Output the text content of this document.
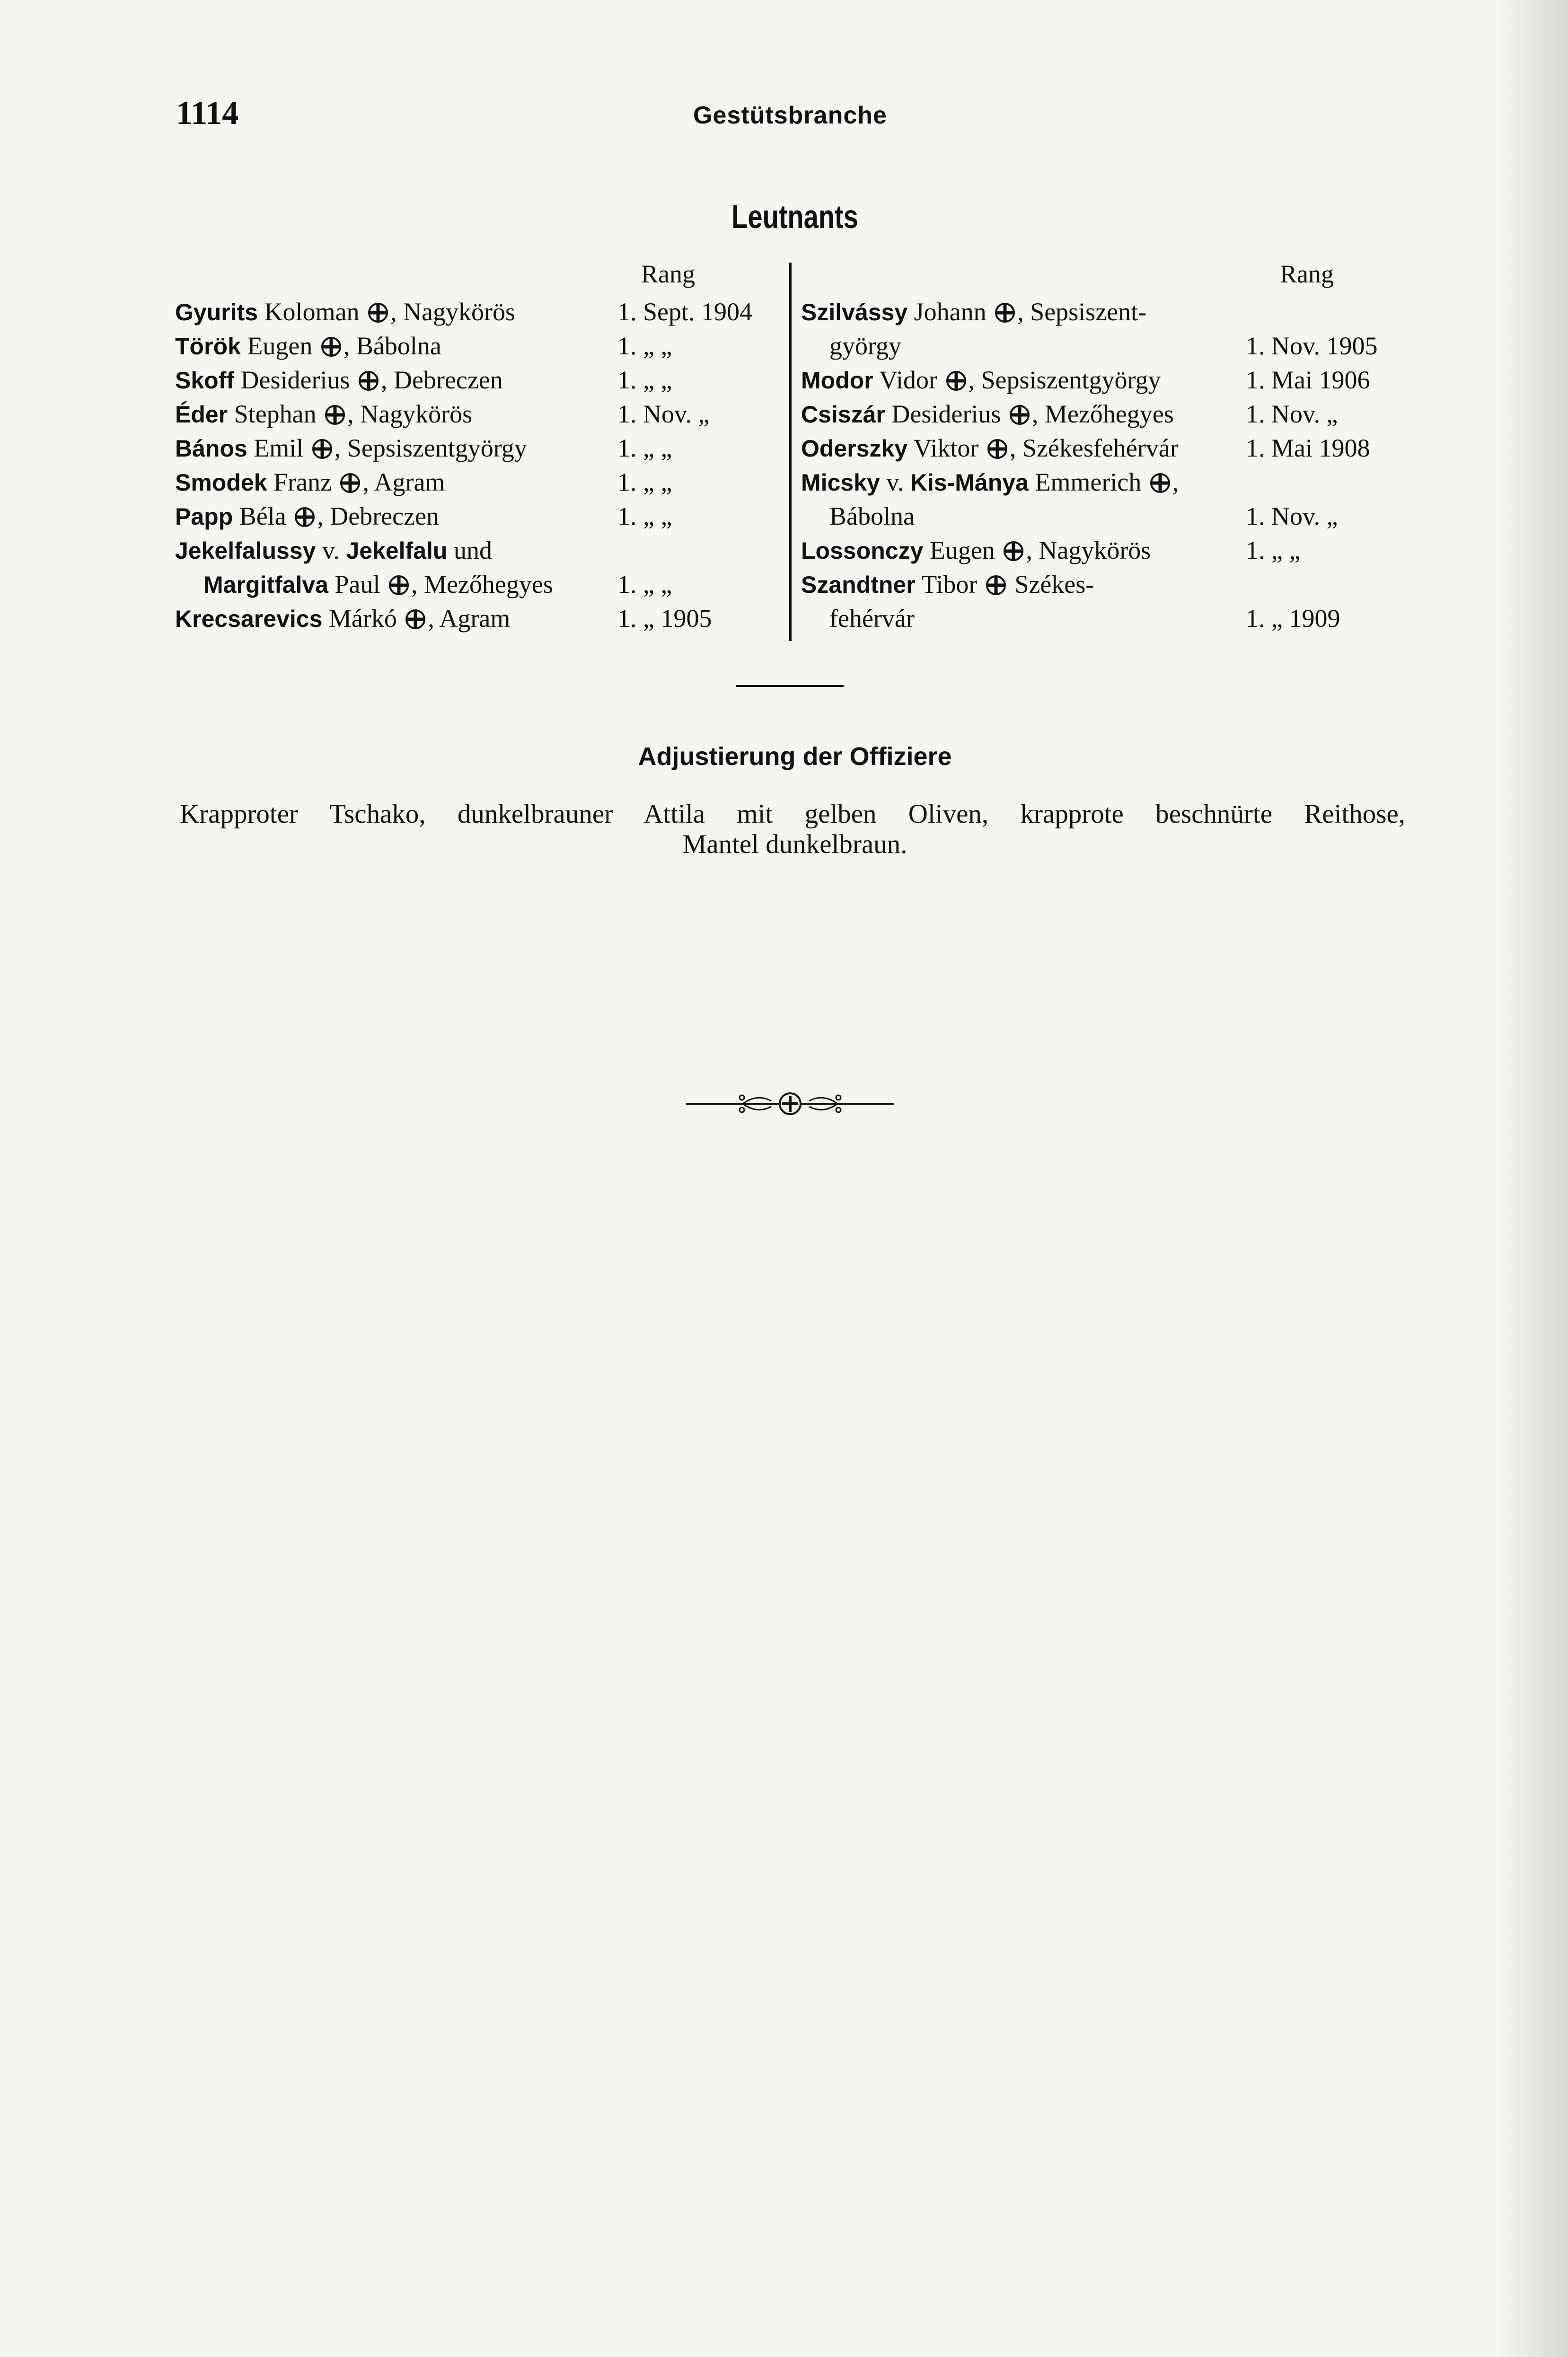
1114	Gestütsbranche
Leutnants
Rang	Rang
Gyurits Koloman , Nagykörös	1. Sept. 1904
Török Eugen , Bábolna	1. „ „
Skoff Desiderius , Debreczen	1. „ „
Éder Stephan , Nagykörös	1. Nov. „
Bános Emil , Sepsiszentgyörgy	1. „ „
Smodek Franz , Agram	1. „ „
Papp Béla , Debreczen	1. „ „
Jekelfalussy v. Jekelfalu und
Margitfalva Paul , Mezőhegyes	1. „ „
Krecsarevics Márkó , Agram	1. „ 1905
Szilvássy Johann , Sepsiszent-
györgy	1. Nov. 1905
Modor Vidor , Sepsiszentgyörgy	1. Mai 1906
Csiszár Desiderius , Mezőhegyes	1. Nov. „
Oderszky Viktor , Székesfehérvár	1. Mai 1908
Micsky v. Kis-Mánya Emmerich ,
Bábolna	1. Nov. „
Lossonczy Eugen , Nagykörös	1. „ „
Szandtner Tibor  Székes-
fehérvár	1. „ 1909
Adjustierung der Offiziere
Krapproter Tschako, dunkelbrauner Attila mit gelben Oliven, krapprote beschnürte Reithose,
Mantel dunkelbraun.
